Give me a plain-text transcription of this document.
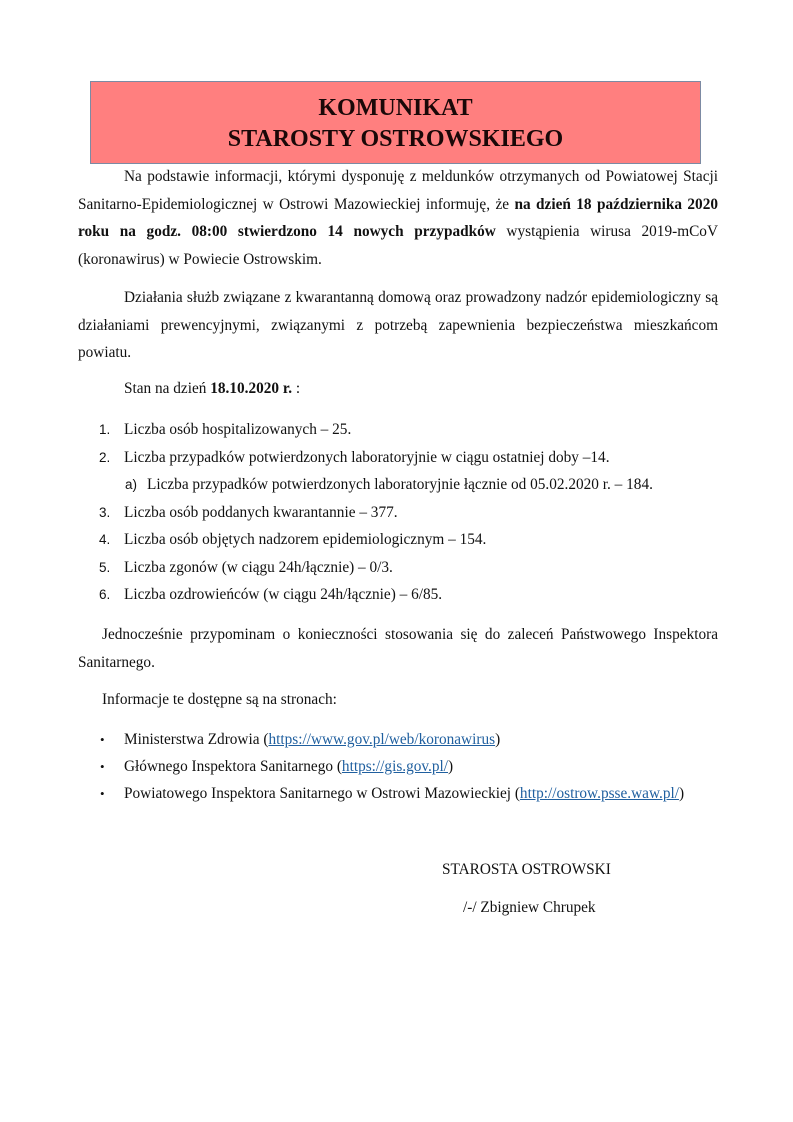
KOMUNIKAT
STAROSTY OSTROWSKIEGO

Na podstawie informacji, którymi dysponuję z meldunków otrzymanych od Powiatowej Stacji Sanitarno-Epidemiologicznej w Ostrowi Mazowieckiej informuję, że na dzień 18 października 2020 roku na godz. 08:00 stwierdzono 14 nowych przypadków wystąpienia wirusa 2019-mCoV (koronawirus) w Powiecie Ostrowskim.

Działania służb związane z kwarantanną domową oraz prowadzony nadzór epidemiologiczny są działaniami prewencyjnymi, związanymi z potrzebą zapewnienia bezpieczeństwa mieszkańcom powiatu.

Stan na dzień 18.10.2020 r. :

1. Liczba osób hospitalizowanych – 25.
2. Liczba przypadków potwierdzonych laboratoryjnie w ciągu ostatniej doby –14.
a) Liczba przypadków potwierdzonych laboratoryjnie łącznie od 05.02.2020 r. – 184.
3. Liczba osób poddanych kwarantannie – 377.
4. Liczba osób objętych nadzorem epidemiologicznym – 154.
5. Liczba zgonów (w ciągu 24h/łącznie) – 0/3.
6. Liczba ozdrowieńców (w ciągu 24h/łącznie) – 6/85.

Jednocześnie przypominam o konieczności stosowania się do zaleceń Państwowego Inspektora Sanitarnego.

Informacje te dostępne są na stronach:

• Ministerstwa Zdrowia (https://www.gov.pl/web/koronawirus)
• Głównego Inspektora Sanitarnego (https://gis.gov.pl/)
• Powiatowego Inspektora Sanitarnego w Ostrowi Mazowieckiej (http://ostrow.psse.waw.pl/)
STAROSTA OSTROWSKI
/-/ Zbigniew Chrupek
